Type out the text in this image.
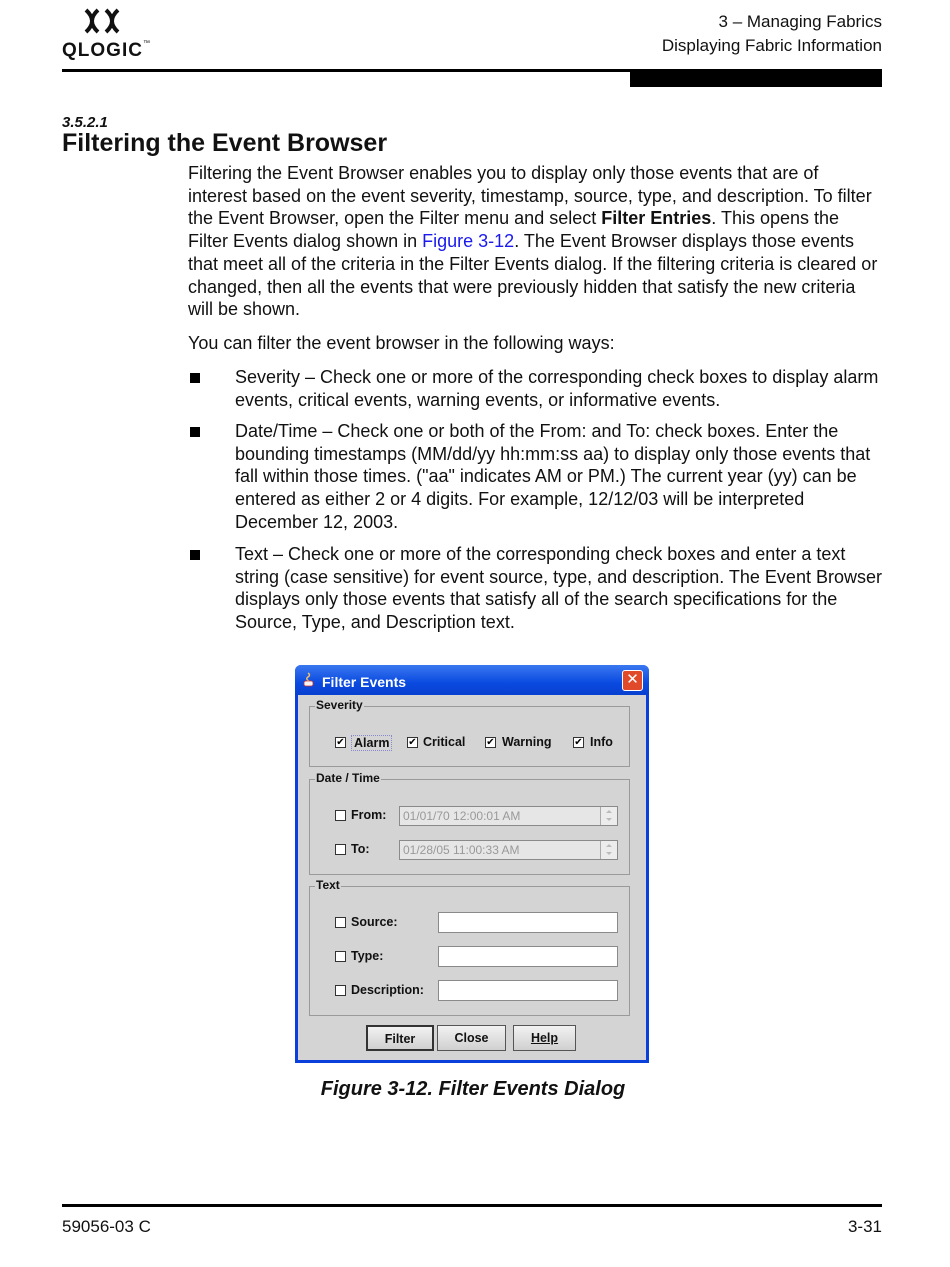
QLOGIC™
3 – Managing Fabrics
Displaying Fabric Information
3.5.2.1
Filtering the Event Browser

Filtering the Event Browser enables you to display only those events that are of interest based on the event severity, timestamp, source, type, and description. To filter the Event Browser, open the Filter menu and select Filter Entries. This opens the Filter Events dialog shown in Figure 3-12. The Event Browser displays those events that meet all of the criteria in the Filter Events dialog. If the filtering criteria is cleared or changed, then all the events that were previously hidden that satisfy the new criteria will be shown.

You can filter the event browser in the following ways:

Severity – Check one or more of the corresponding check boxes to display alarm events, critical events, warning events, or informative events.
Date/Time – Check one or both of the From: and To: check boxes. Enter the bounding timestamps (MM/dd/yy hh:mm:ss aa) to display only those events that fall within those times. ("aa" indicates AM or PM.) The current year (yy) can be entered as either 2 or 4 digits. For example, 12/12/03 will be interpreted December 12, 2003.
Text – Check one or more of the corresponding check boxes and enter a text string (case sensitive) for event source, type, and description. The Event Browser displays only those events that satisfy all of the search specifications for the Source, Type, and Description text.
Filter Events	✕
Severity
✔ Alarm	✔ Critical ✔ Warning ✔ Info
Date / Time
From:	01/01/70 12:00:01 AM
To:	01/28/05 11:00:33 AM
Text
Source:
Type:
Description:
Filter	Close	Help
Figure 3-12. Filter Events Dialog
59056-03 C	3-31
